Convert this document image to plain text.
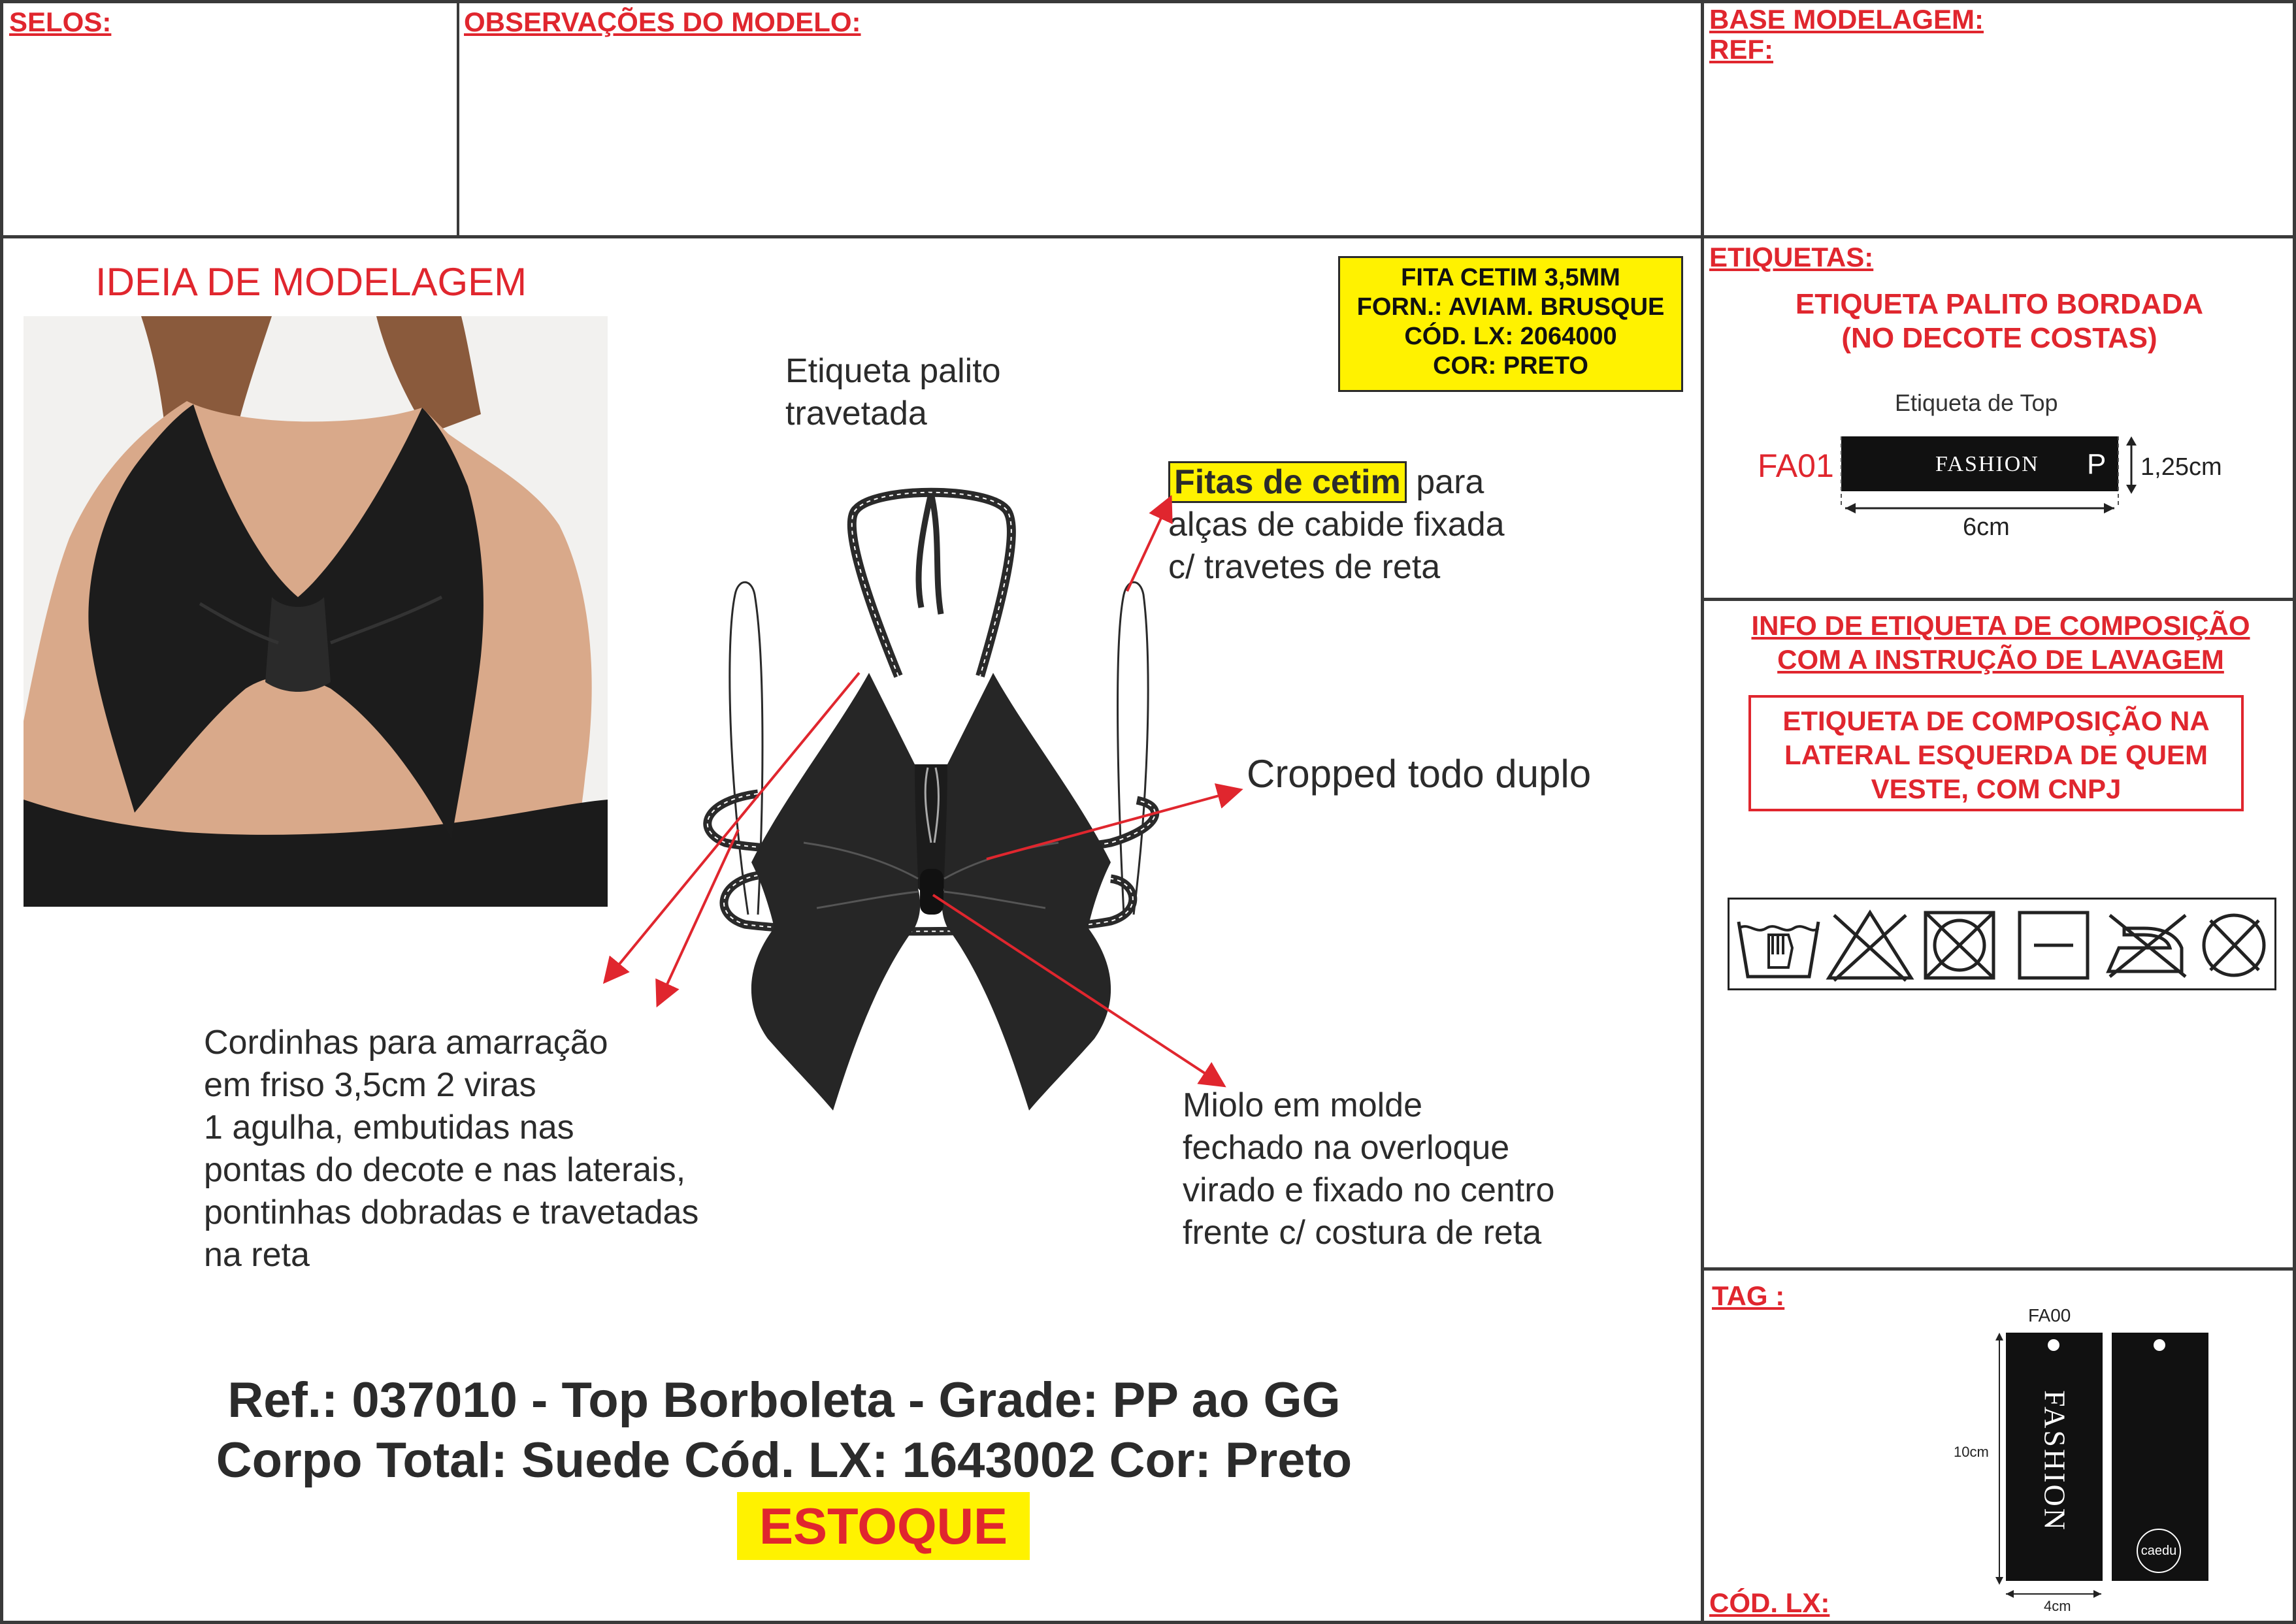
SELOS:	OBSERVAÇÕES DO MODELO:	BASE MODELAGEM:
REF:
IDEIA DE MODELAGEM	FITA CETIM 3,5MM
FORN.: AVIAM. BRUSQUE
CÓD. LX: 2064000
COR: PRETO
Etiqueta palito
travetada
Fitas de cetim para
alças de cabide fixada
c/ travetes de reta
Cropped todo duplo
Cordinhas para amarração
em friso 3,5cm 2 viras
1 agulha, embutidas nas
pontas do decote e nas laterais,
pontinhas dobradas e travetadas
na reta
Miolo em molde
fechado na overloque
virado e fixado no centro
frente c/ costura de reta
Ref.: 037010 - Top Borboleta - Grade: PP ao GG
Corpo Total: Suede Cód. LX: 1643002 Cor: Preto
ESTOQUE
ETIQUETAS:
ETIQUETA PALITO BORDADA
(NO DECOTE COSTAS)
Etiqueta de Top
FA01	FASHION P 1,25cm
6cm
INFO DE ETIQUETA DE COMPOSIÇÃO
COM A INSTRUÇÃO DE LAVAGEM
ETIQUETA DE COMPOSIÇÃO NA
LATERAL ESQUERDA DE QUEM
VESTE, COM CNPJ
TAG :
FA00
FASHION
caedu
10cm
4cm
CÓD. LX:
